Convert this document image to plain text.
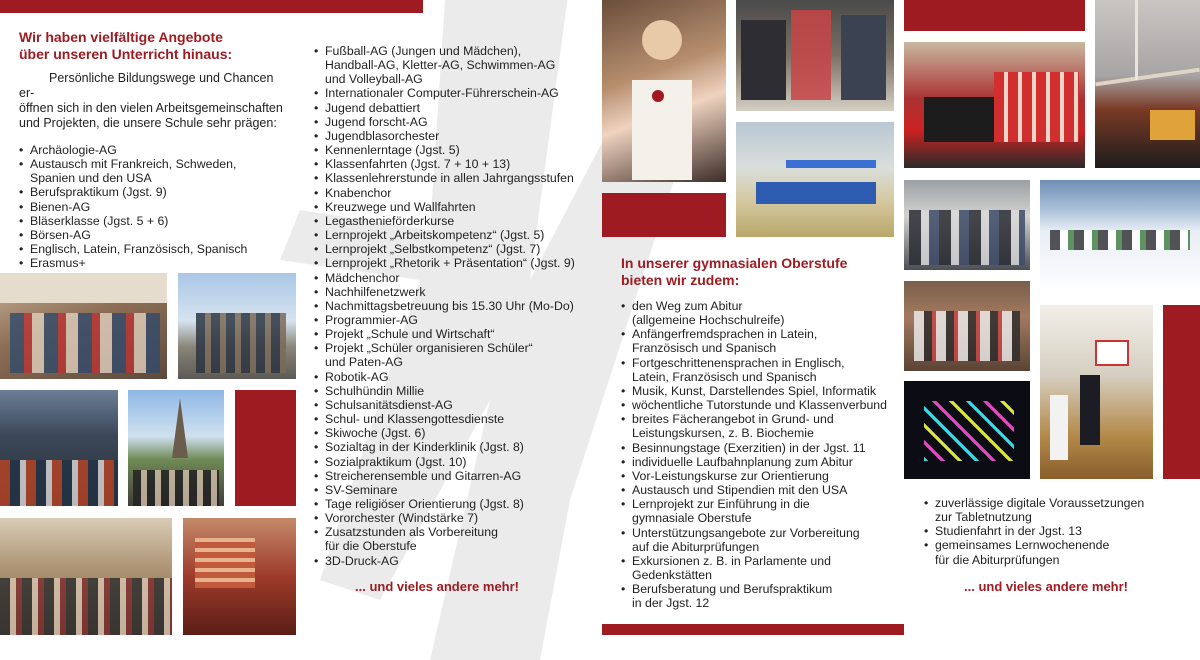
Wir haben vielfältige Angebote
über unseren Unterricht hinaus:

Persönliche Bildungswege und Chancen er-
öffnen sich in den vielen Arbeitsgemeinschaften
und Projekten, die unsere Schule sehr prägen:

• Archäologie-AG
• Austausch mit Frankreich, Schweden,
Spanien und den USA
• Berufspraktikum (Jgst. 9)
• Bienen-AG
• Bläserklasse (Jgst. 5 + 6)
• Börsen-AG
• Englisch, Latein, Französisch, Spanisch
• Erasmus+
• Fußball-AG (Jungen und Mädchen),
Handball-AG, Kletter-AG, Schwimmen-AG
und Volleyball-AG
• Internationaler Computer-Führerschein-AG
• Jugend debattiert
• Jugend forscht-AG
• Jugendblasorchester
• Kennenlerntage (Jgst. 5)
• Klassenfahrten (Jgst. 7 + 10 + 13)
• Klassenlehrerstunde in allen Jahrgangsstufen
• Knabenchor
• Kreuzwege und Wallfahrten
• Legasthenieförderkurse
• Lernprojekt „Arbeitskompetenz“ (Jgst. 5)
• Lernprojekt „Selbstkompetenz“ (Jgst. 7)
• Lernprojekt „Rhetorik + Präsentation“ (Jgst. 9)
• Mädchenchor
• Nachhilfenetzwerk
• Nachmittagsbetreuung bis 15.30 Uhr (Mo-Do)
• Programmier-AG
• Projekt „Schule und Wirtschaft“
• Projekt „Schüler organisieren Schüler“
und Paten-AG
• Robotik-AG
• Schulhündin Millie
• Schulsanitätsdienst-AG
• Schul- und Klassengottesdienste
• Skiwoche (Jgst. 6)
• Sozialtag in der Kinderklinik (Jgst. 8)
• Sozialpraktikum (Jgst. 10)
• Streicherensemble und Gitarren-AG
• SV-Seminare
• Tage religiöser Orientierung (Jgst. 8)
• Vororchester (Windstärke 7)
• Zusatzstunden als Vorbereitung
für die Oberstufe
• 3D-Druck-AG
... und vieles andere mehr!

In unserer gymnasialen Oberstufe
bieten wir zudem:

• den Weg zum Abitur
(allgemeine Hochschulreife)
• Anfängerfremdsprachen in Latein,
Französisch und Spanisch
• Fortgeschrittenensprachen in Englisch,
Latein, Französisch und Spanisch
• Musik, Kunst, Darstellendes Spiel, Informatik
• wöchentliche Tutorstunde und Klassenverbund
• breites Fächerangebot in Grund- und
Leistungskursen, z. B. Biochemie
• Besinnungstage (Exerzitien) in der Jgst. 11
• individuelle Laufbahnplanung zum Abitur
• Vor-Leistungskurse zur Orientierung
• Austausch und Stipendien mit den USA
• Lernprojekt zur Einführung in die
gymnasiale Oberstufe
• Unterstützungsangebote zur Vorbereitung
auf die Abiturprüfungen
• Exkursionen z. B. in Parlamente und
Gedenkstätten
• Berufsberatung und Berufspraktikum
in der Jgst. 12
• zuverlässige digitale Voraussetzungen
zur Tabletnutzung
• Studienfahrt in der Jgst. 13
• gemeinsames Lernwochenende
für die Abiturprüfungen
... und vieles andere mehr!
